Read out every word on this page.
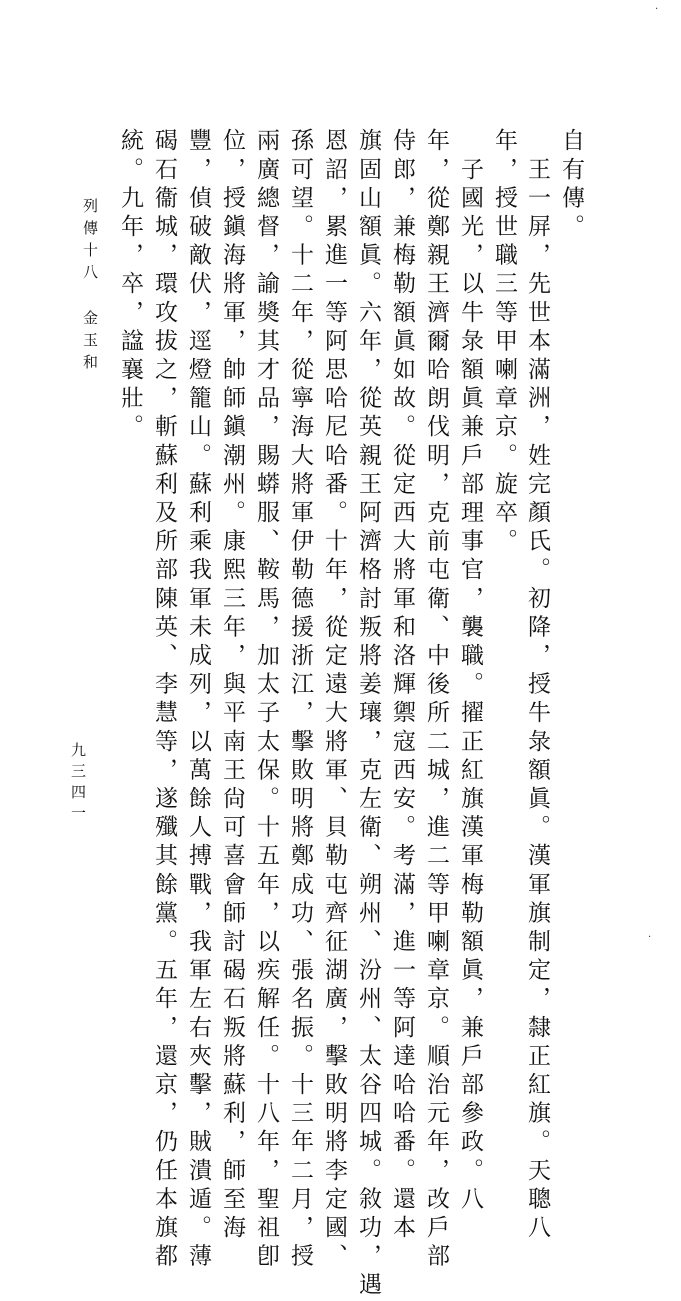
列傳十八
金玉和
九三四一
自有傳。
　王一屏，先世本滿洲，姓完顏氏。初降，授牛彔額眞。漢軍旗制定，隸正紅旗。天聰八
年，授世職三等甲喇章京。旋卒。
　子國光，以牛彔額眞兼戶部理事官，襲職。擢正紅旗漢軍梅勒額眞，兼戶部參政。八
年，從鄭親王濟爾哈朗伐明，克前屯衛、中後所二城，進二等甲喇章京。順治元年，改戶部
侍郎，兼梅勒額眞如故。從定西大將軍和洛輝禦寇西安。考滿，進一等阿達哈哈番。還本
旗固山額眞。六年，從英親王阿濟格討叛將姜瓖，克左衛、朔州、汾州、太谷四城。敘功，遇
恩詔，累進一等阿思哈尼哈番。十年，從定遠大將軍、貝勒屯齊征湖廣，擊敗明將李定國、
孫可望。十二年，從寧海大將軍伊勒德援浙江，擊敗明將鄭成功、張名振。十三年二月，授
兩廣總督，諭奬其才品，賜蟒服、鞍馬，加太子太保。十五年，以疾解任。十八年，聖祖卽
位，授鎭海將軍，帥師鎭潮州。康熙三年，與平南王尙可喜會師討碣石叛將蘇利，師至海
豐，偵破敵伏，逕燈籠山。蘇利乘我軍未成列，以萬餘人搏戰，我軍左右夾擊，賊潰遁。薄
碣石衞城，環攻拔之，斬蘇利及所部陳英、李慧等，遂殲其餘黨。五年，還京，仍任本旗都
統。九年，卒，諡襄壯。
·
·
